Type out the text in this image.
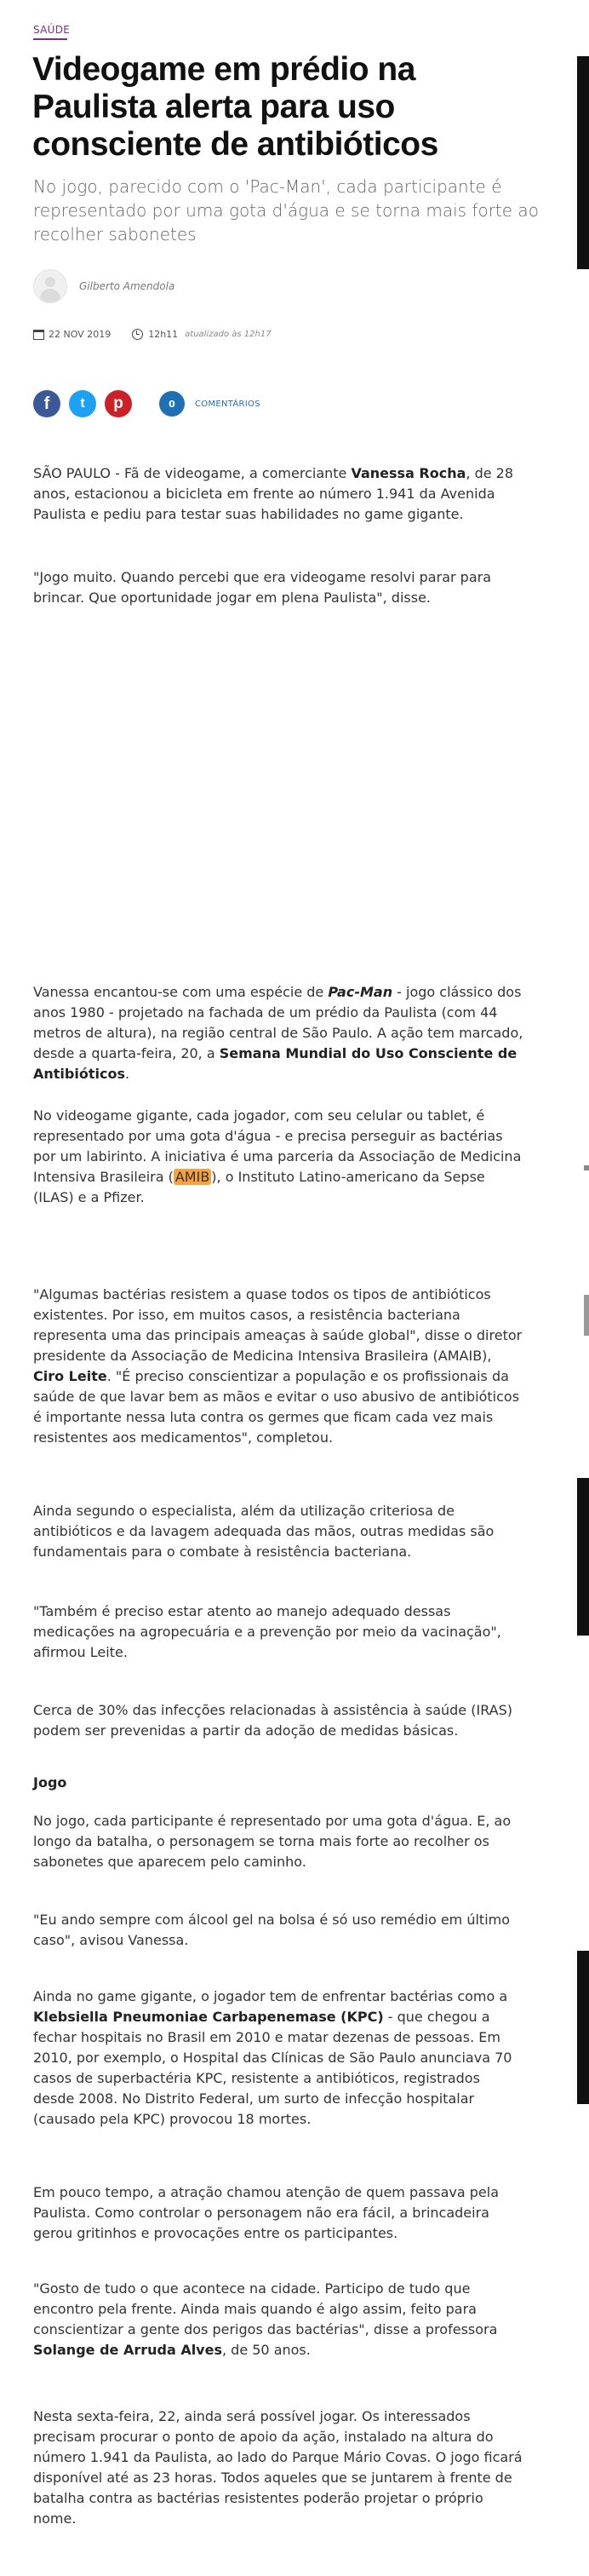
SAÚDE
Videogame em prédio na Paulista alerta para uso consciente de antibióticos

No jogo, parecido com o 'Pac-Man', cada participante é representado por uma gota d'água e se torna mais forte ao recolher sabonetes

Gilberto Amendola
22 NOV 2019	12h11 atualizado às 12h17
f t p	0	COMENTÁRIOS

SÃO PAULO - Fã de videogame, a comerciante Vanessa Rocha, de 28 anos, estacionou a bicicleta em frente ao número 1.941 da Avenida Paulista e pediu para testar suas habilidades no game gigante.

"Jogo muito. Quando percebi que era videogame resolvi parar para brincar. Que oportunidade jogar em plena Paulista", disse.

Vanessa encantou-se com uma espécie de Pac-Man - jogo clássico dos anos 1980 - projetado na fachada de um prédio da Paulista (com 44 metros de altura), na região central de São Paulo. A ação tem marcado, desde a quarta-feira, 20, a Semana Mundial do Uso Consciente de Antibióticos.

No videogame gigante, cada jogador, com seu celular ou tablet, é representado por uma gota d'água - e precisa perseguir as bactérias por um labirinto. A iniciativa é uma parceria da Associação de Medicina Intensiva Brasileira ( AMIB ), o Instituto Latino-americano da Sepse (ILAS) e a Pfizer.

"Algumas bactérias resistem a quase todos os tipos de antibióticos existentes. Por isso, em muitos casos, a resistência bacteriana representa uma das principais ameaças à saúde global", disse o diretor presidente da Associação de Medicina Intensiva Brasileira (AMAIB), Ciro Leite. "É preciso conscientizar a população e os profissionais da saúde de que lavar bem as mãos e evitar o uso abusivo de antibióticos é importante nessa luta contra os germes que ficam cada vez mais resistentes aos medicamentos", completou.

Ainda segundo o especialista, além da utilização criteriosa de antibióticos e da lavagem adequada das mãos, outras medidas são fundamentais para o combate à resistência bacteriana.

"Também é preciso estar atento ao manejo adequado dessas medicações na agropecuária e a prevenção por meio da vacinação", afirmou Leite.

Cerca de 30% das infecções relacionadas à assistência à saúde (IRAS) podem ser prevenidas a partir da adoção de medidas básicas.

Jogo

No jogo, cada participante é representado por uma gota d'água. E, ao longo da batalha, o personagem se torna mais forte ao recolher os sabonetes que aparecem pelo caminho.

"Eu ando sempre com álcool gel na bolsa é só uso remédio em último caso", avisou Vanessa.

Ainda no game gigante, o jogador tem de enfrentar bactérias como a Klebsiella Pneumoniae Carbapenemase (KPC) - que chegou a fechar hospitais no Brasil em 2010 e matar dezenas de pessoas. Em 2010, por exemplo, o Hospital das Clínicas de São Paulo anunciava 70 casos de superbactéria KPC, resistente a antibióticos, registrados desde 2008. No Distrito Federal, um surto de infecção hospitalar (causado pela KPC) provocou 18 mortes.

Em pouco tempo, a atração chamou atenção de quem passava pela Paulista. Como controlar o personagem não era fácil, a brincadeira gerou gritinhos e provocações entre os participantes.

"Gosto de tudo o que acontece na cidade. Participo de tudo que encontro pela frente. Ainda mais quando é algo assim, feito para conscientizar a gente dos perigos das bactérias", disse a professora Solange de Arruda Alves, de 50 anos.

Nesta sexta-feira, 22, ainda será possível jogar. Os interessados precisam procurar o ponto de apoio da ação, instalado na altura do número 1.941 da Paulista, ao lado do Parque Mário Covas. O jogo ficará disponível até as 23 horas. Todos aqueles que se juntarem à frente de batalha contra as bactérias resistentes poderão projetar o próprio nome.
